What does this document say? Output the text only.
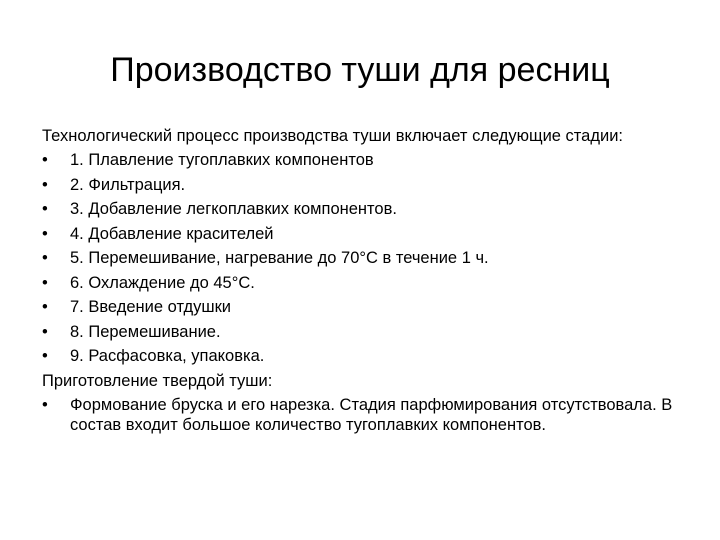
Производство туши для ресниц

Технологический процесс производства туши включает следующие стадии:

•	1. Плавление тугоплавких компонентов
•	2. Фильтрация.
•	3. Добавление легкоплавких компонентов.
•	4. Добавление красителей
•	5. Перемешивание, нагревание до 70°С в течение 1 ч.
•	6. Охлаждение до 45°С.
•	7. Введение отдушки
•	8. Перемешивание.
•	9. Расфасовка, упаковка.

Приготовление твердой туши:

•	Формование бруска и его нарезка. Стадия парфюмирования отсутствовала. В состав входит большое количество тугоплавких компонентов.
